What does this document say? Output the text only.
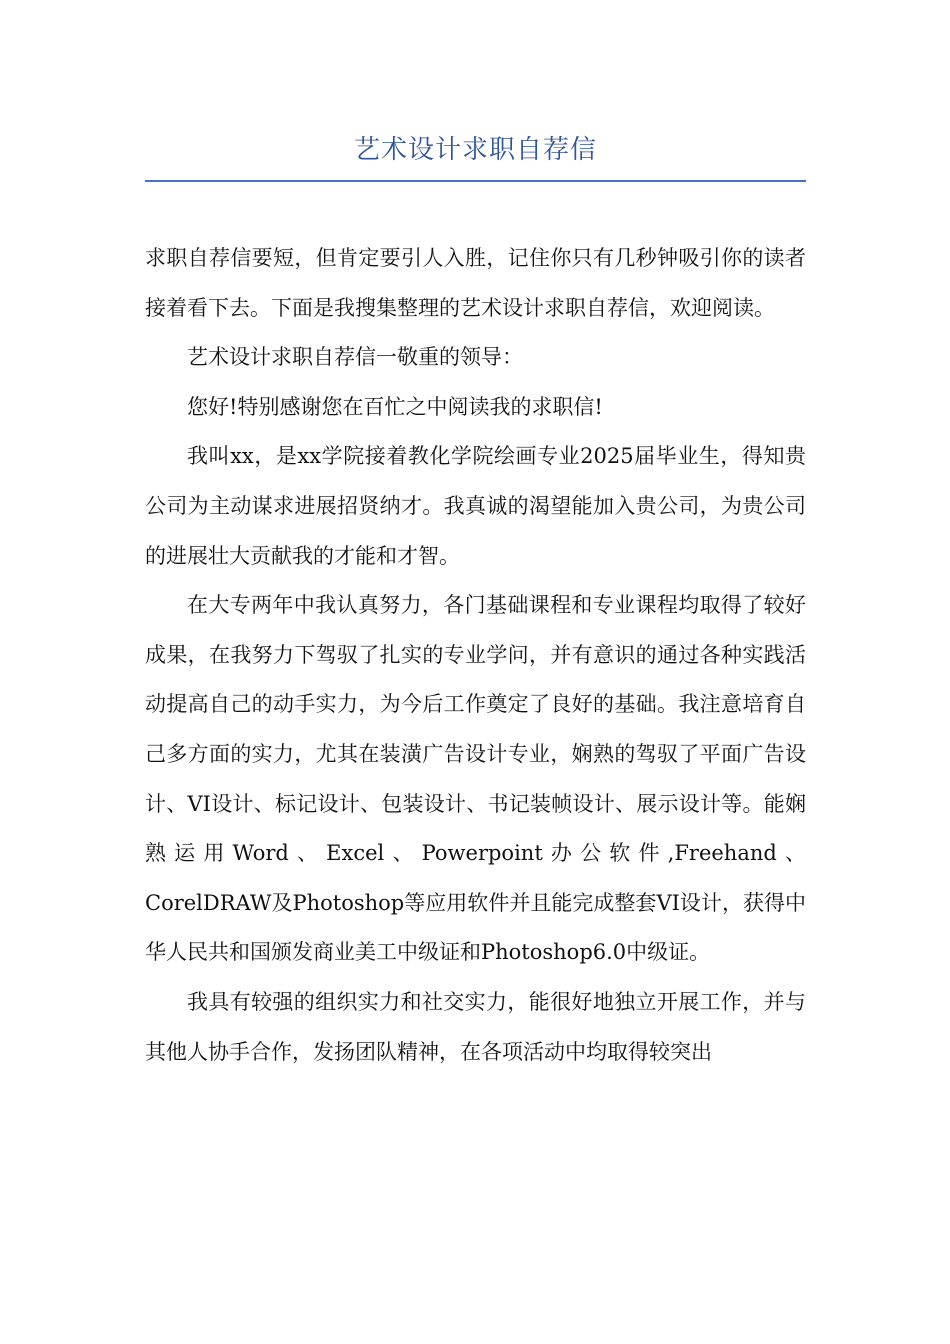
艺术设计求职自荐信

求职自荐信要短，但肯定要引人入胜，记住你只有几秒钟吸引你的读者接着看下去。下面是我搜集整理的艺术设计求职自荐信，欢迎阅读。

艺术设计求职自荐信一敬重的领导：

您好!特别感谢您在百忙之中阅读我的求职信!

我叫xx，是xx学院接着教化学院绘画专业2025届毕业生，得知贵公司为主动谋求进展招贤纳才。我真诚的渴望能加入贵公司，为贵公司的进展壮大贡献我的才能和才智。

在大专两年中我认真努力，各门基础课程和专业课程均取得了较好成果，在我努力下驾驭了扎实的专业学问，并有意识的通过各种实践活动提高自己的动手实力，为今后工作奠定了良好的基础。我注意培育自己多方面的实力，尤其在装潢广告设计专业，娴熟的驾驭了平面广告设计、VI设计、标记设计、包装设计、书记装帧设计、展示设计等。能娴熟运用Word、Excel、Powerpoint办公软件,Freehand、CorelDRAW及Photoshop等应用软件并且能完成整套VI设计，获得中华人民共和国颁发商业美工中级证和Photoshop6.0中级证。

我具有较强的组织实力和社交实力，能很好地独立开展工作，并与其他人协手合作，发扬团队精神，在各项活动中均取得较突出
